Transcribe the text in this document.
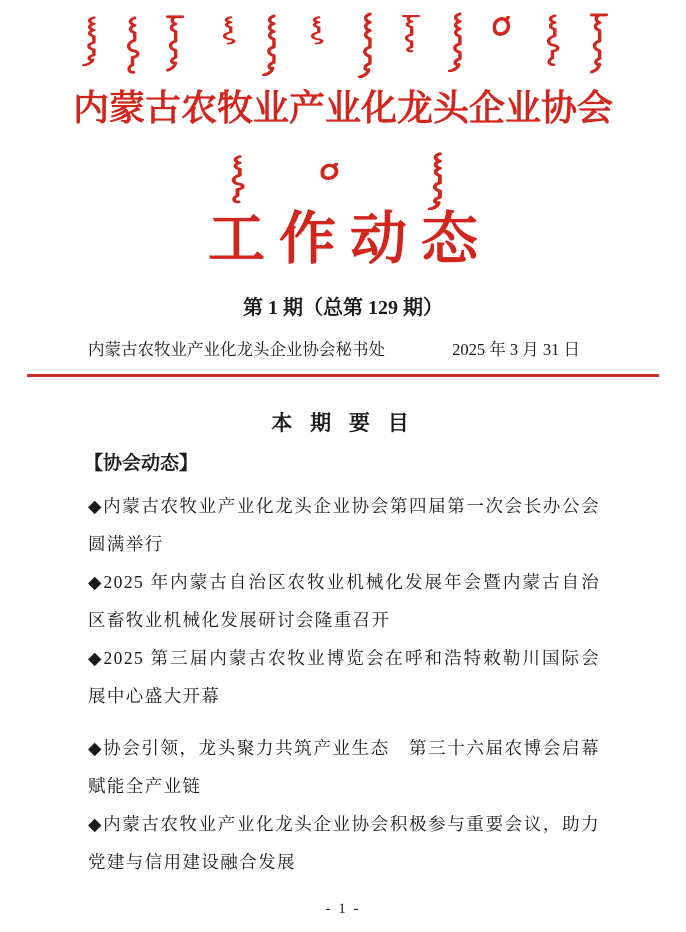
内蒙古农牧业产业化龙头企业协会
工作动态
第 1 期（总第 129 期）
内蒙古农牧业产业化龙头企业协会秘书处	2025 年 3 月 31 日
本 期 要 目
【协会动态】
◆内蒙古农牧业产业化龙头企业协会第四届第一次会长办公会圆满举行
◆2025 年内蒙古自治区农牧业机械化发展年会暨内蒙古自治区畜牧业机械化发展研讨会隆重召开
◆2025 第三届内蒙古农牧业博览会在呼和浩特敕勒川国际会展中心盛大开幕
◆协会引领，龙头聚力共筑产业生态　第三十六届农博会启幕赋能全产业链
◆内蒙古农牧业产业化龙头企业协会积极参与重要会议，助力党建与信用建设融合发展
- 1 -
